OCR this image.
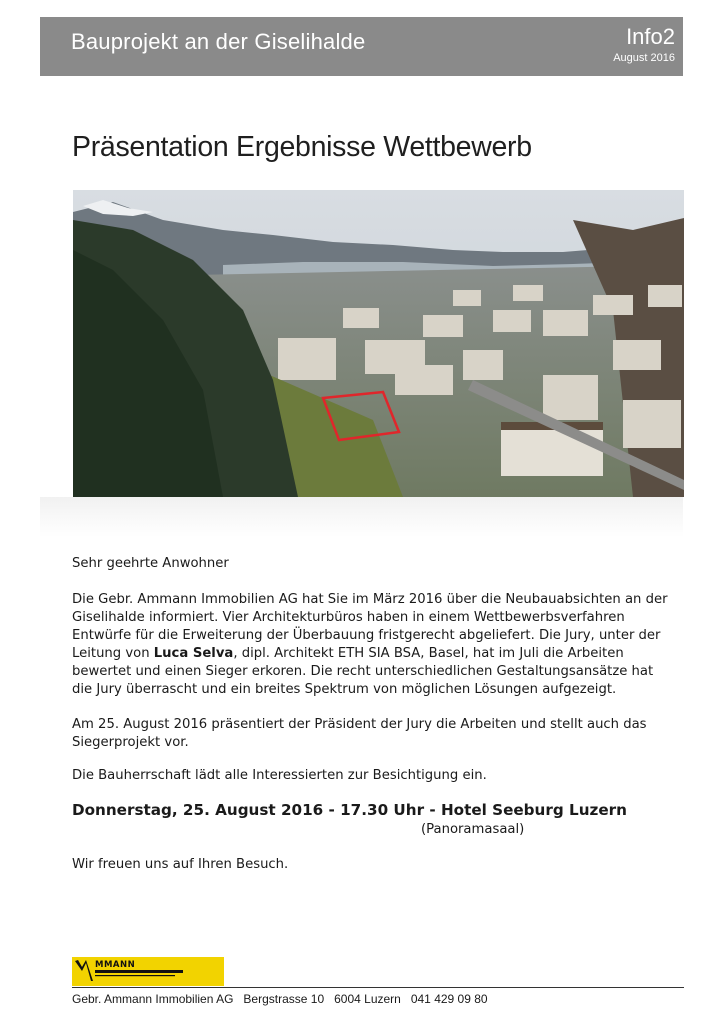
Bauprojekt an der Giselihalde	Info2
August 2016
Präsentation Ergebnisse Wettbewerb

Sehr geehrte Anwohner

Die Gebr. Ammann Immobilien AG hat Sie im März 2016 über die Neubauabsichten an der Giselihalde informiert. Vier Architekturbüros haben in einem Wettbewerbsverfahren Entwürfe für die Erweiterung der Überbauung fristgerecht abgeliefert. Die Jury, unter der Leitung von Luca Selva, dipl. Architekt ETH SIA BSA, Basel, hat im Juli die Arbeiten bewertet und einen Sieger erkoren. Die recht unterschiedlichen Gestaltungsansätze hat die Jury überrascht und ein breites Spektrum von möglichen Lösungen aufgezeigt.

Am 25. August 2016 präsentiert der Präsident der Jury die Arbeiten und stellt auch das Siegerprojekt vor.

Die Bauherrschaft lädt alle Interessierten zur Besichtigung ein.

Donnerstag, 25. August 2016 - 17.30 Uhr - Hotel Seeburg Luzern

(Panoramasaal)

Wir freuen uns auf Ihren Besuch.

MMANN
Gebr. Ammann Immobilien AG   Bergstrasse 10   6004 Luzern   041 429 09 80
